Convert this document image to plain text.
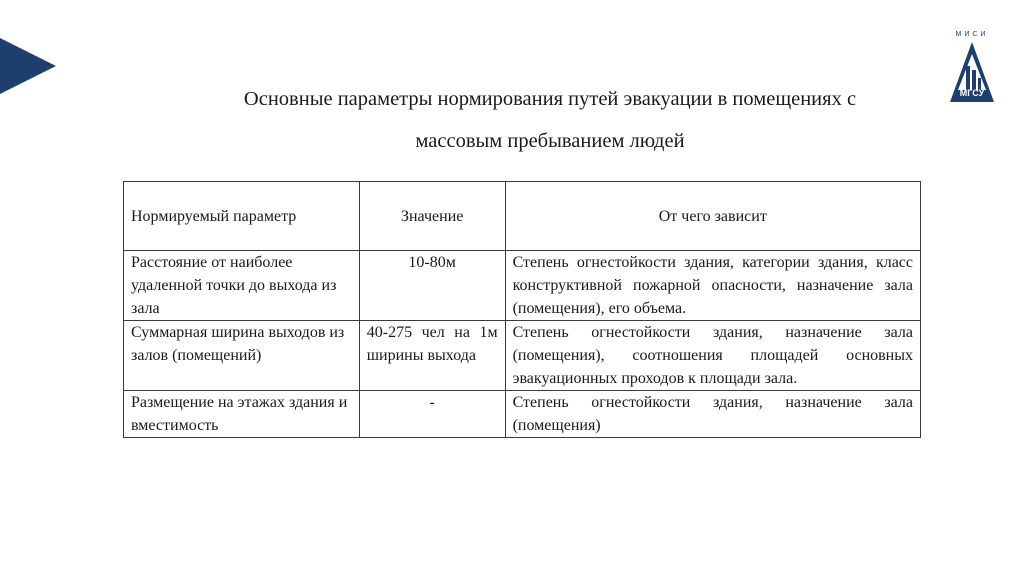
МИСИ
МГСУ
Основные параметры нормирования путей эвакуации в помещениях с
массовым пребыванием людей
Нормируемый параметр	Значение	От чего зависит
Расстояние от наиболее удаленной точки до выхода из зала	10-80м	Степень огнестойкости здания, категории здания, класс конструктивной пожарной опасности, назначение зала (помещения), его объема.
Суммарная ширина выходов из залов (помещений)	40-275 чел на 1м ширины выхода	Степень огнестойкости здания, назначение зала (помещения), соотношения площадей основных эвакуационных проходов к площади зала.
Размещение на этажах здания и вместимость	-	Степень огнестойкости здания, назначение зала (помещения)
